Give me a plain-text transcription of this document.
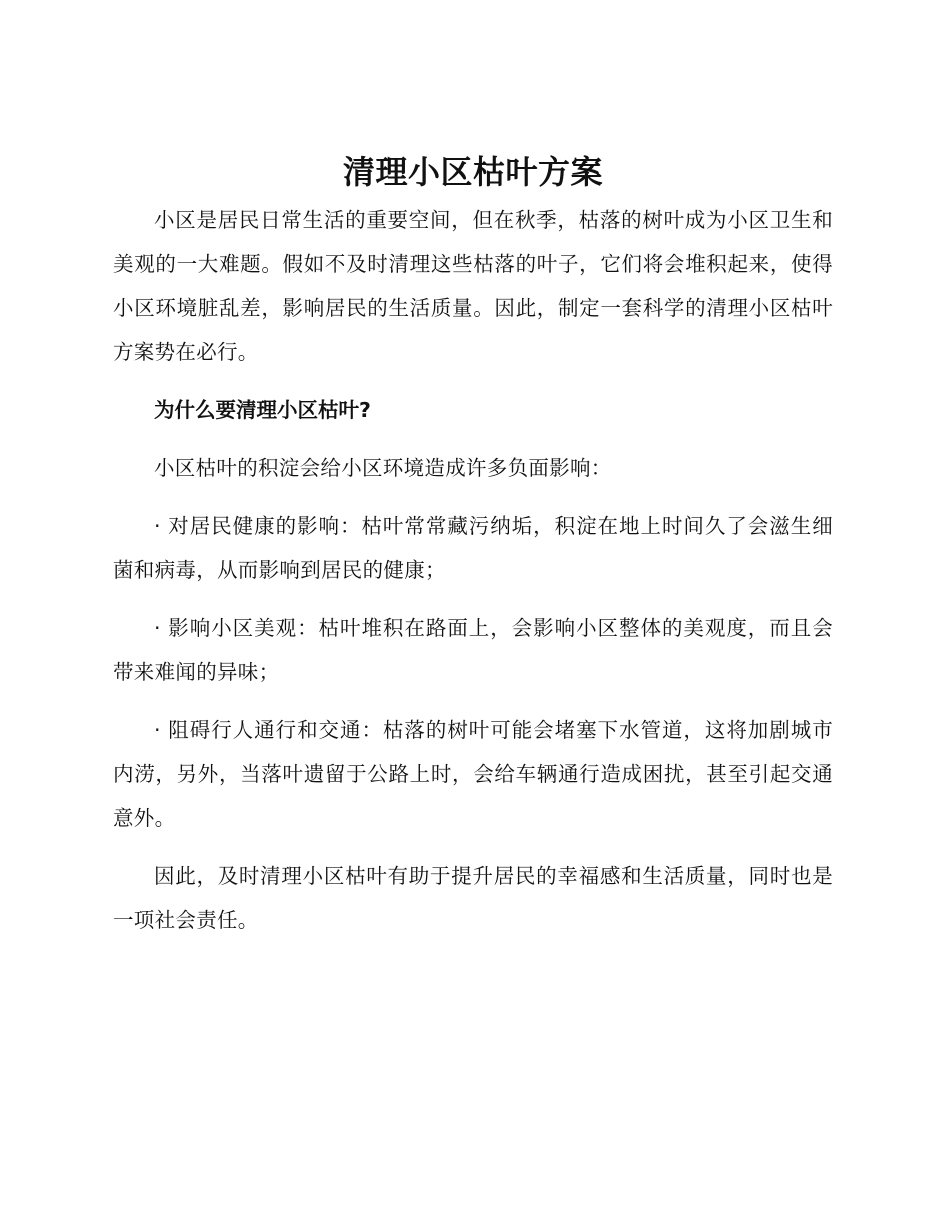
清理小区枯叶方案

小区是居民日常生活的重要空间，但在秋季，枯落的树叶成为小区卫生和美观的一大难题。假如不及时清理这些枯落的叶子，它们将会堆积起来，使得小区环境脏乱差，影响居民的生活质量。因此，制定一套科学的清理小区枯叶方案势在必行。

为什么要清理小区枯叶?

小区枯叶的积淀会给小区环境造成许多负面影响：

· 对居民健康的影响：枯叶常常藏污纳垢，积淀在地上时间久了会滋生细菌和病毒，从而影响到居民的健康；

· 影响小区美观：枯叶堆积在路面上，会影响小区整体的美观度，而且会带来难闻的异味；

· 阻碍行人通行和交通：枯落的树叶可能会堵塞下水管道，这将加剧城市内涝，另外，当落叶遗留于公路上时，会给车辆通行造成困扰，甚至引起交通意外。

因此，及时清理小区枯叶有助于提升居民的幸福感和生活质量，同时也是一项社会责任。
